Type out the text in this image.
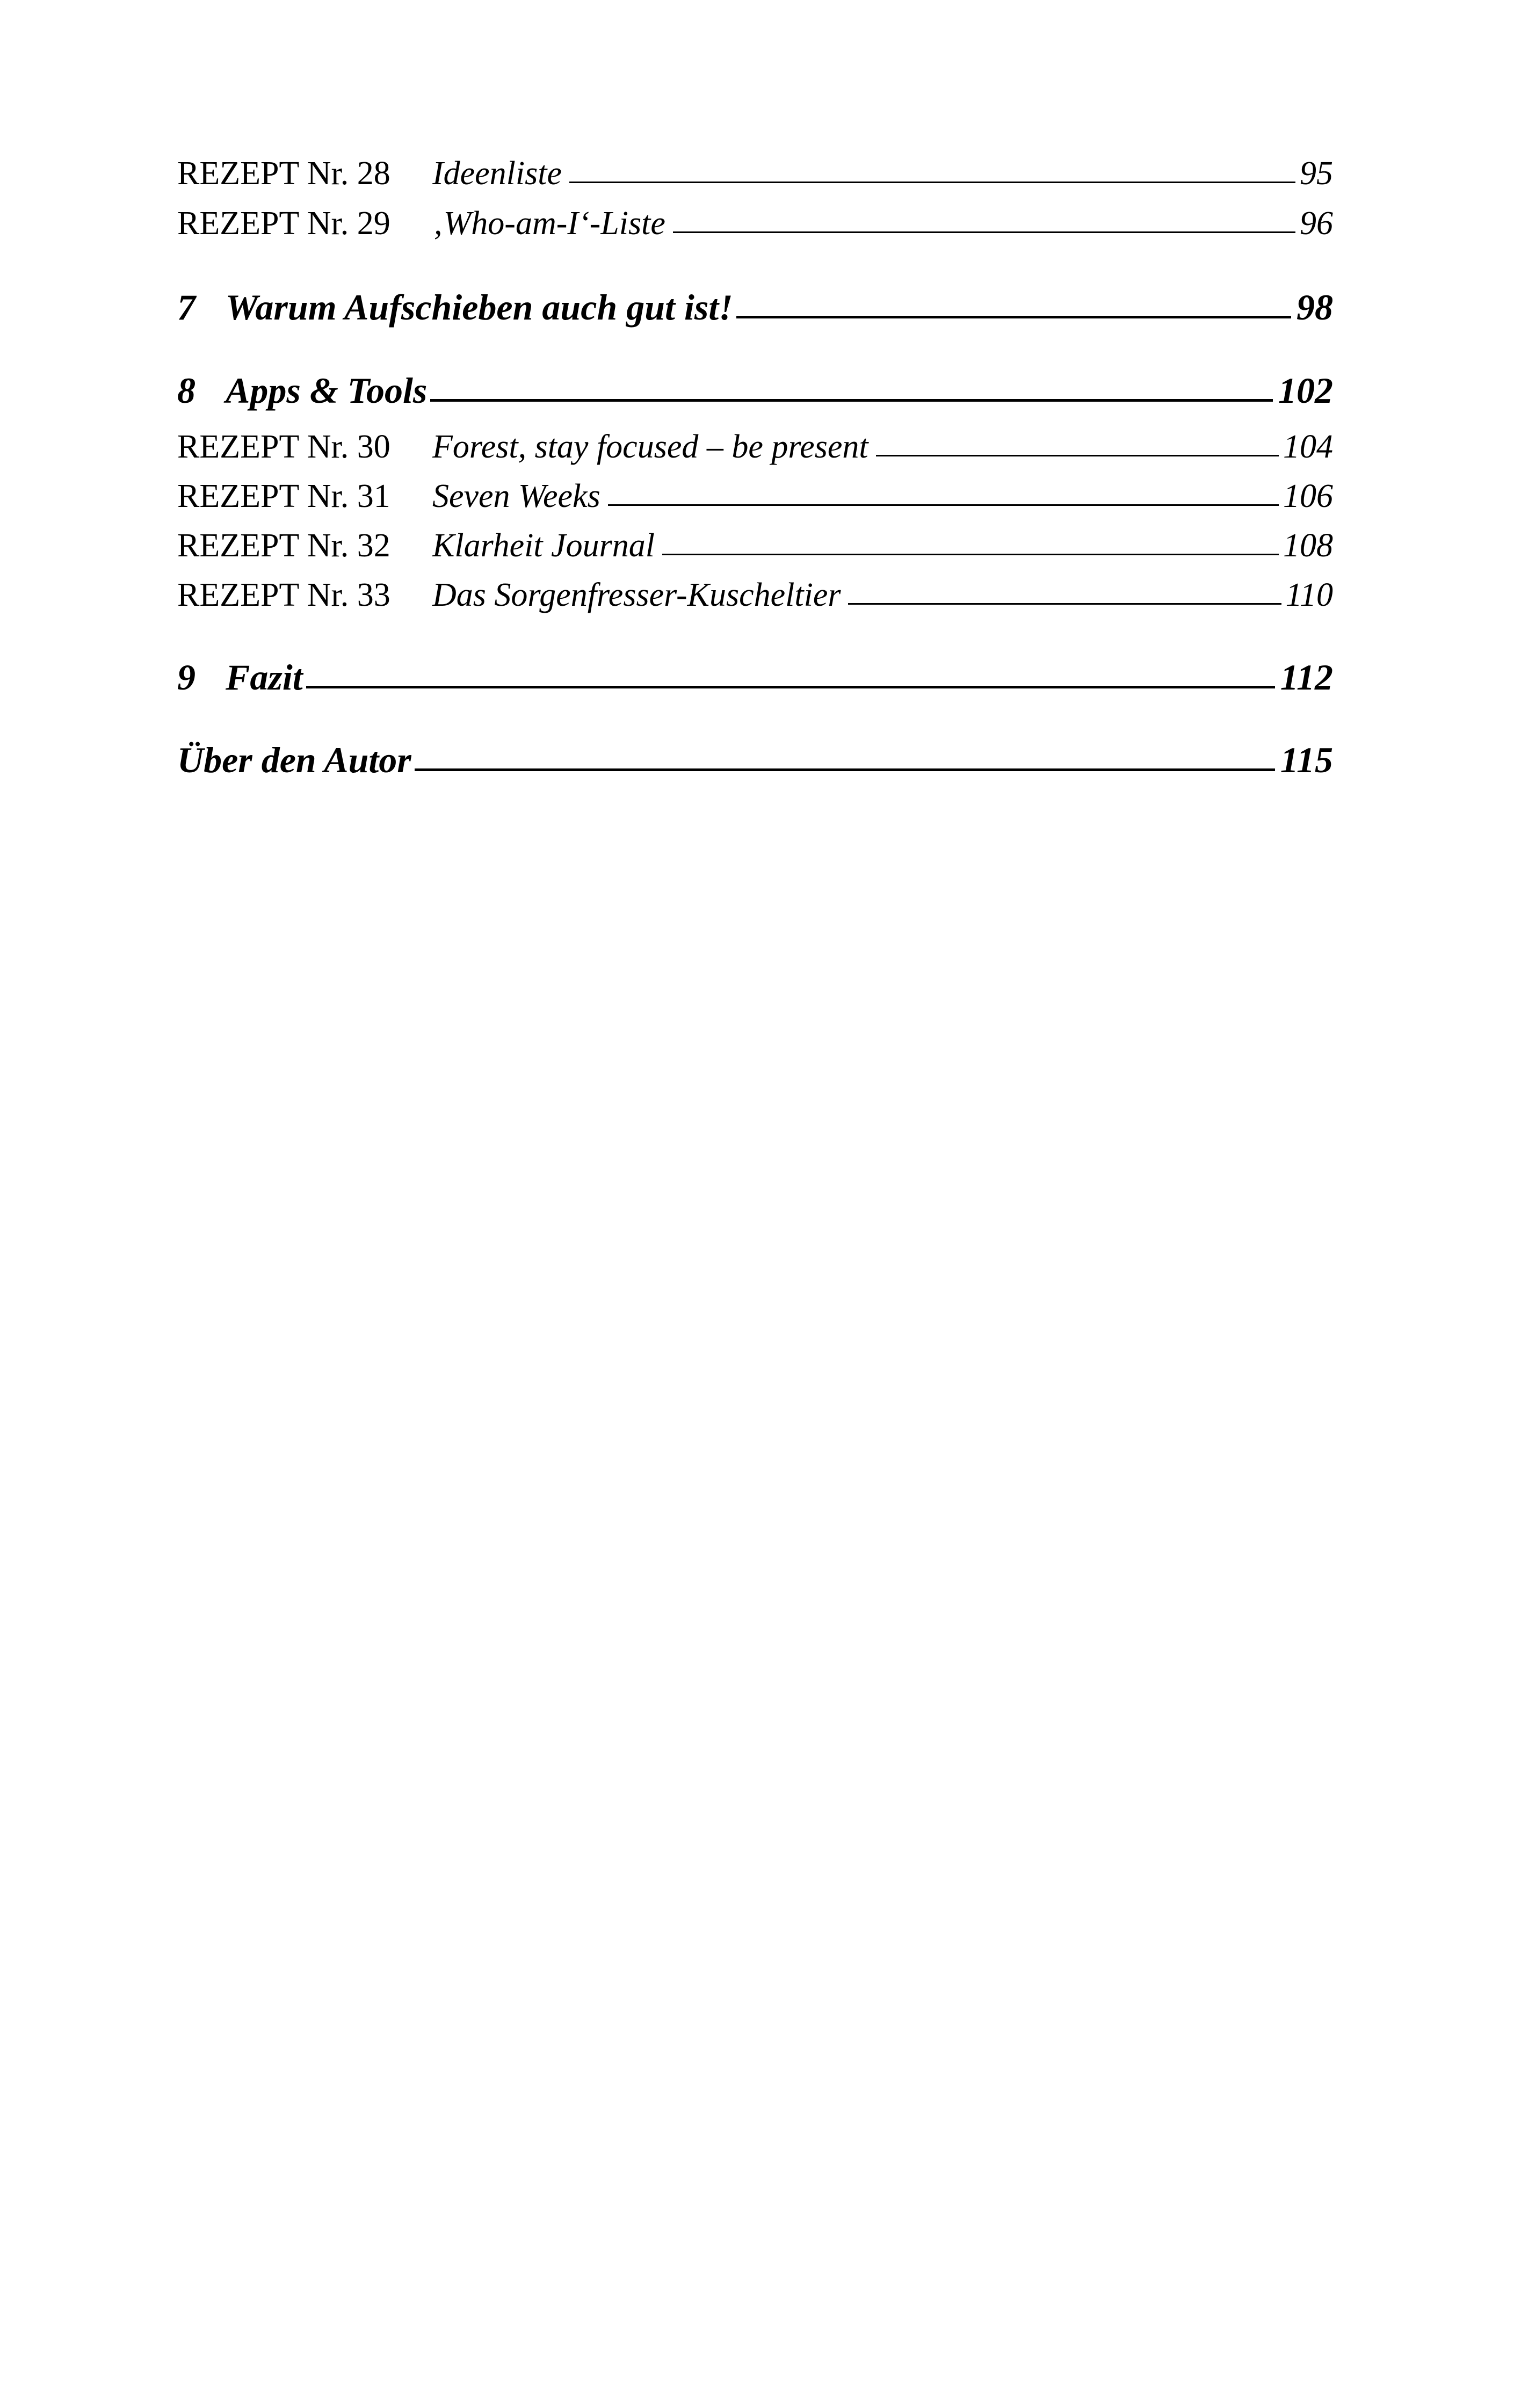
REZEPT Nr. 28	Ideenliste	95
REZEPT Nr. 29	‚Who-am-I‘-Liste	96
7 Warum Aufschieben auch gut ist!	98
8 Apps & Tools	102
REZEPT Nr. 30	Forest, stay focused – be present	104
REZEPT Nr. 31	Seven Weeks	106
REZEPT Nr. 32	Klarheit Journal	108
REZEPT Nr. 33	Das Sorgenfresser-Kuscheltier	110
9 Fazit	112
Über den Autor	115
